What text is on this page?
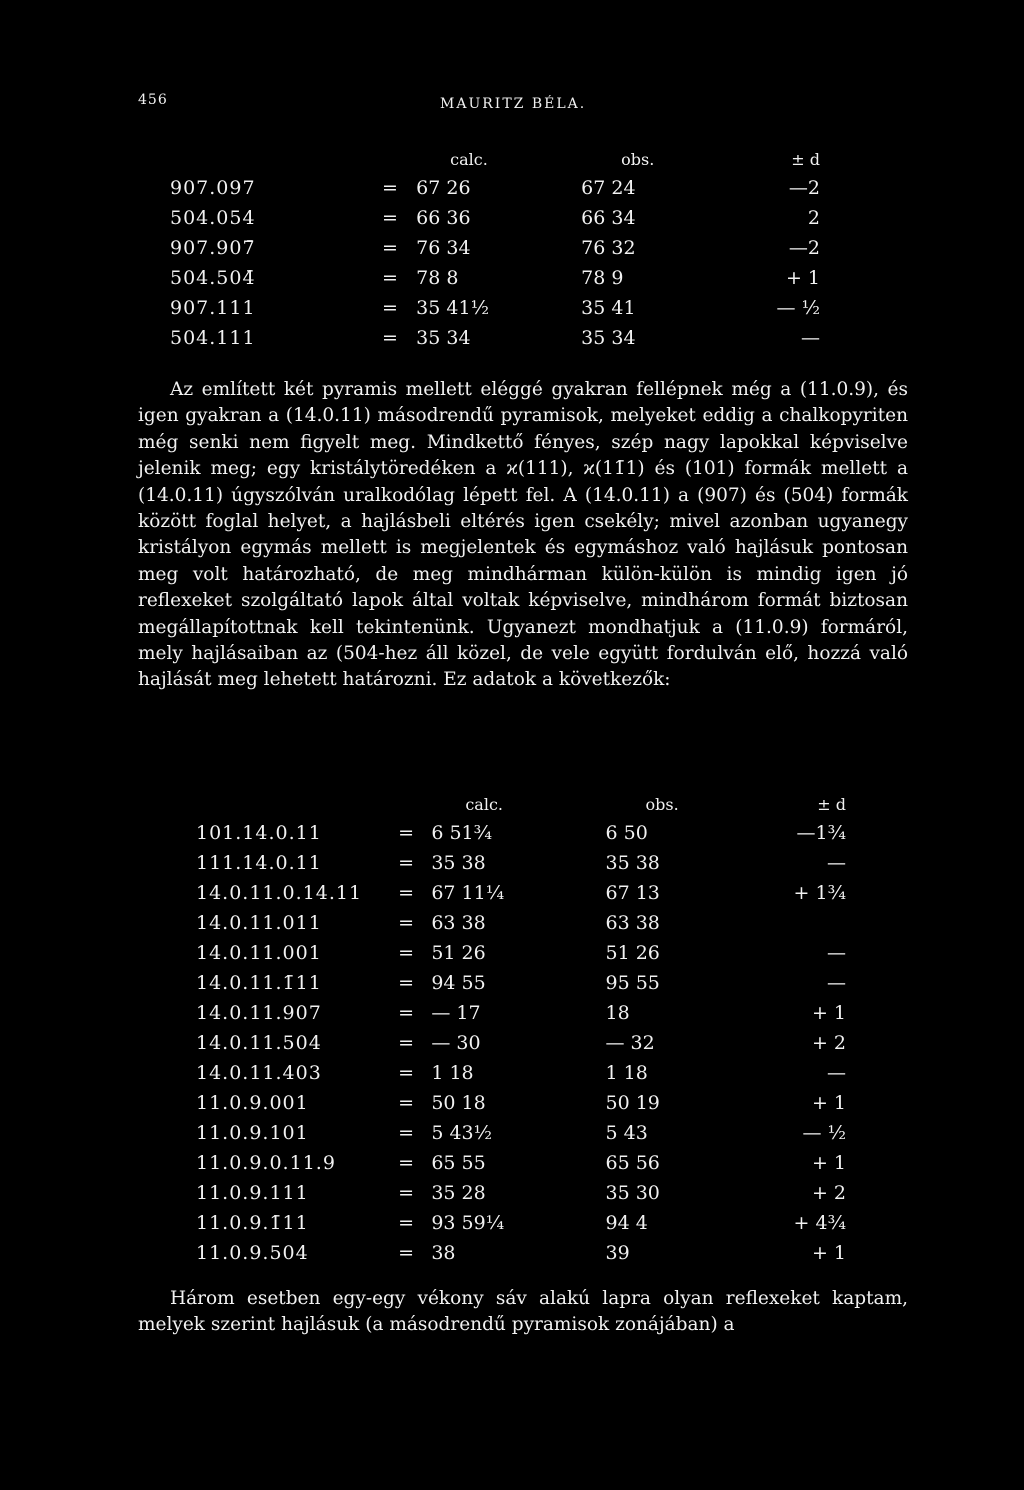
456	MAURITZ BÉLA.
		calc.	obs.	± d
907.097	=	67 26	67 24	—2
504.054	=	66 36	66 34	2
907.907̄	=	76 34	76 32	—2
504.504̄	=	78 8	78 9	+ 1
907.111	=	35 41½	35 41	— ½
504.111	=	35 34	35 34	—

Az említett két pyramis mellett eléggé gyakran fellépnek még a (11.0.9), és igen gyakran a (14.0.11) másodrendű pyramisok, melyeket eddig a chalkopyriten még senki nem figyelt meg. Mindkettő fényes, szép nagy lapokkal képviselve jelenik meg; egy kristálytöredéken a ϰ(111), ϰ(11̄1) és (101) formák mellett a (14.0.11) úgyszólván uralkodólag lépett fel. A (14.0.11) a (907) és (504) formák között foglal helyet, a hajlásbeli eltérés igen csekély; mivel azonban ugyanegy kristályon egymás mellett is megjelentek és egymáshoz való hajlásuk pontosan meg volt határozható, de meg mindhárman külön-külön is mindig igen jó reflexeket szolgáltató lapok által voltak képviselve, mindhárom formát biztosan megállapítottnak kell tekintenünk. Ugyanezt mondhatjuk a (11.0.9) formáról, mely hajlásaiban az (504-hez áll közel, de vele együtt fordulván elő, hozzá való hajlását meg lehetett határozni. Ez adatok a következők:

		calc.	obs.	± d
101.14.0.11	=	6 51¾	6 50	—1¾
111.14.0.11	=	35 38	35 38	—
14.0.11.0.14.11	=	67 11¼	67 13	+ 1¾
14.0.11.011	=	63 38	63 38	
14.0.11.001	=	51 26	51 26	—
14.0.11.1̄11	=	94 55	95 55	—
14.0.11.907	=	— 17	18	+ 1
14.0.11.504	=	— 30	— 32	+ 2
14.0.11.403	=	1 18	1 18	—
11.0.9.001	=	50 18	50 19	+ 1
11.0.9.101	=	5 43½	5 43	— ½
11.0.9.0.11.9	=	65 55	65 56	+ 1
11.0.9.111	=	35 28	35 30	+ 2
11.0.9.1̄11	=	93 59¼	94 4	+ 4¾
11.0.9.504	=	38	39	+ 1

Három esetben egy-egy vékony sáv alakú lapra olyan reflexeket kaptam, melyek szerint hajlásuk (a másodrendű pyramisok zonájában) a
